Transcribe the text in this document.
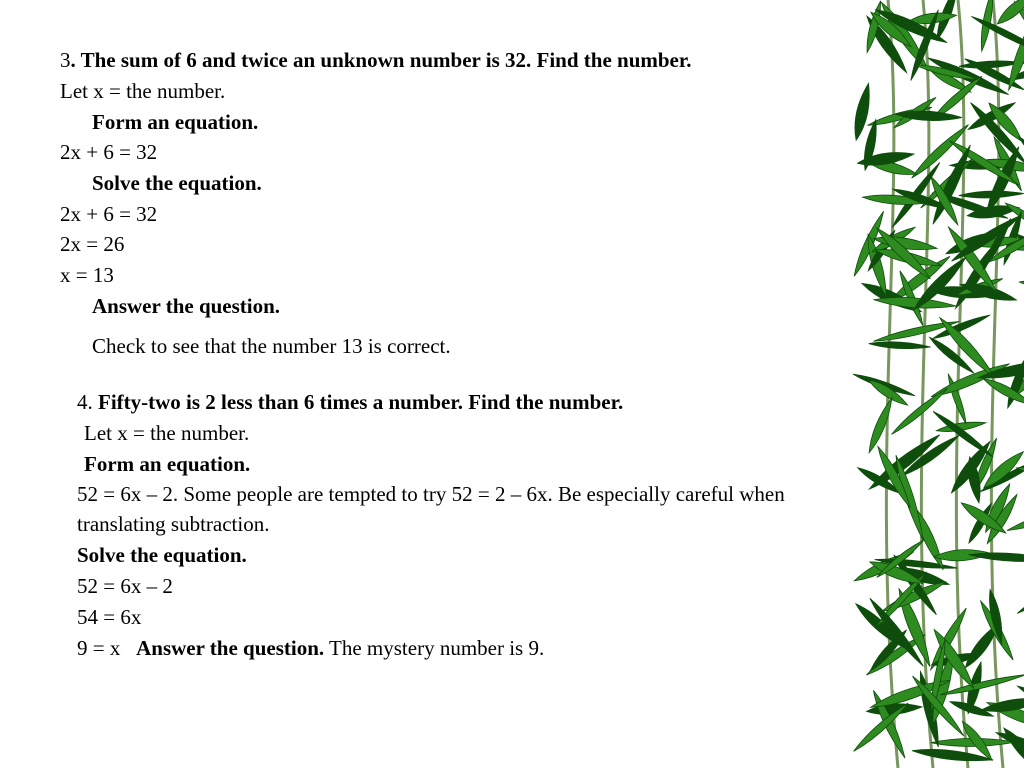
3. The sum of 6 and twice an unknown number is 32. Find the number.
Let x = the number.
Form an equation.
2x + 6 = 32
Solve the equation.
2x + 6 = 32
2x = 26
x = 13
Answer the question.
Check to see that the number 13 is correct.
4. Fifty-two is 2 less than 6 times a number. Find the number.
Let x = the number.
Form an equation.
52 = 6x – 2. Some people are tempted to try 52 = 2 – 6x. Be especially careful when translating subtraction.
Solve the equation.
52 = 6x – 2
54 = 6x
9 = x Answer the question. The mystery number is 9.
